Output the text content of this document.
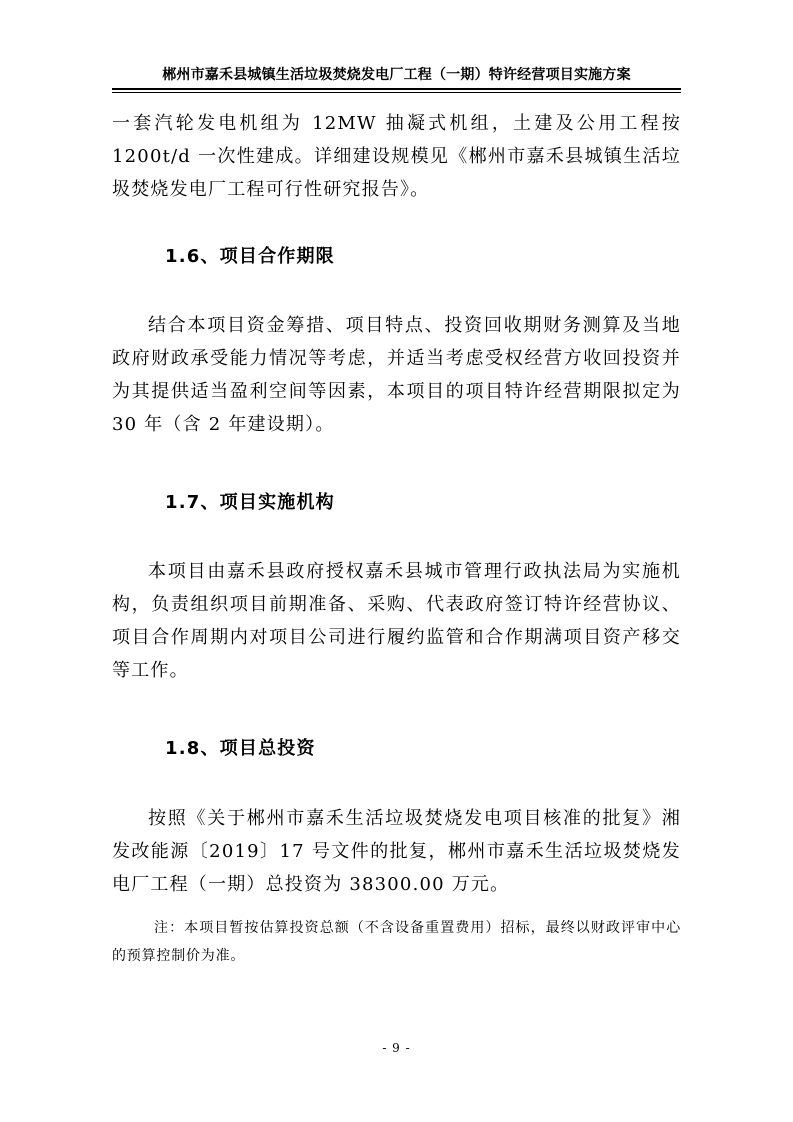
郴州市嘉禾县城镇生活垃圾焚烧发电厂工程（一期）特许经营项目实施方案

一套汽轮发电机组为 12MW 抽凝式机组，土建及公用工程按 1200t/d 一次性建成。详细建设规模见《郴州市嘉禾县城镇生活垃圾焚烧发电厂工程可行性研究报告》。

1.6、项目合作期限

结合本项目资金筹措、项目特点、投资回收期财务测算及当地政府财政承受能力情况等考虑，并适当考虑受权经营方收回投资并为其提供适当盈利空间等因素，本项目的项目特许经营期限拟定为 30 年（含 2 年建设期）。

1.7、项目实施机构

本项目由嘉禾县政府授权嘉禾县城市管理行政执法局为实施机构，负责组织项目前期准备、采购、代表政府签订特许经营协议、项目合作周期内对项目公司进行履约监管和合作期满项目资产移交等工作。

1.8、项目总投资

按照《关于郴州市嘉禾生活垃圾焚烧发电项目核准的批复》湘发改能源〔2019〕17 号文件的批复，郴州市嘉禾生活垃圾焚烧发电厂工程（一期）总投资为 38300.00 万元。

注：本项目暂按估算投资总额（不含设备重置费用）招标，最终以财政评审中心的预算控制价为准。

- 9 -
